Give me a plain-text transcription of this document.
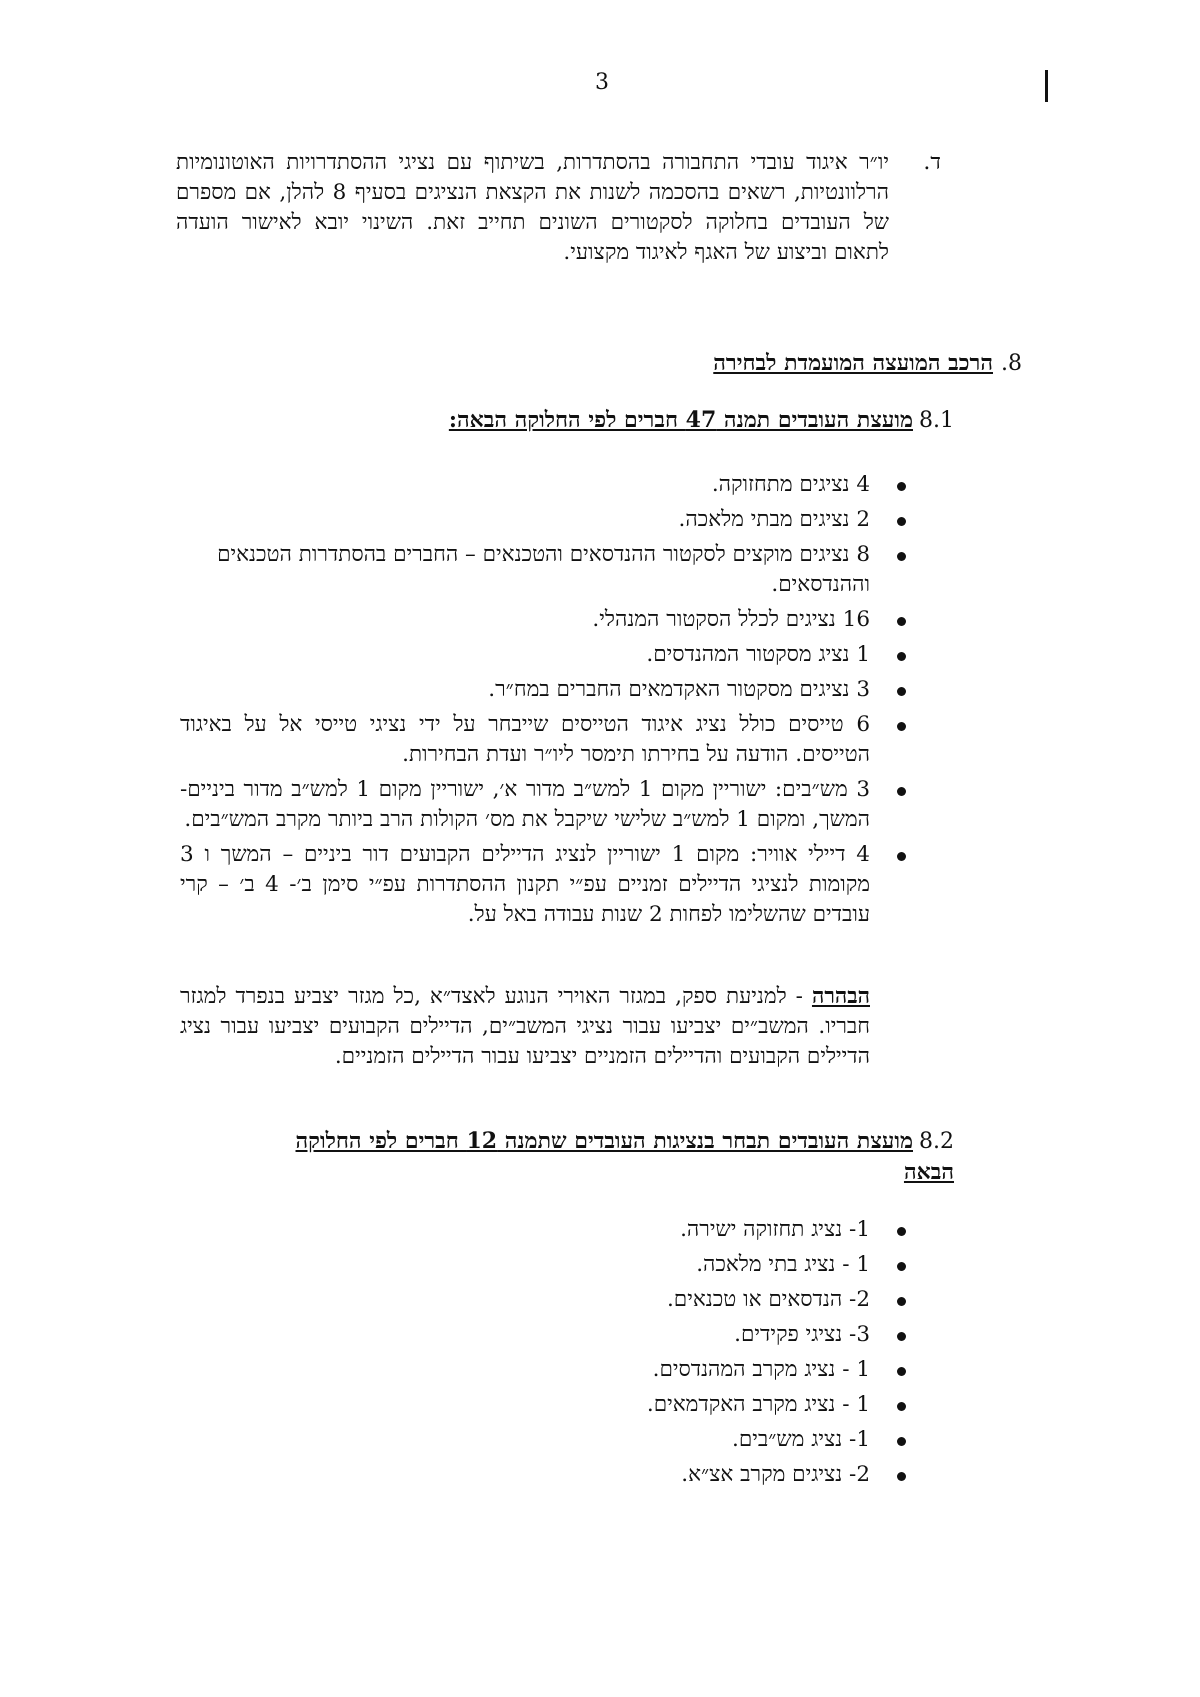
3
ד.
יו״ר איגוד עובדי התחבורה בהסתדרות, בשיתוף עם נציגי ההסתדרויות האוטונומיות הרלוונטיות, רשאים בהסכמה לשנות את הקצאת הנציגים בסעיף 8 להלן, אם מספרם של העובדים בחלוקה לסקטורים השונים תחייב זאת. השינוי יובא לאישור הועדה לתאום וביצוע של האגף לאיגוד מקצועי.
8.הרכב המועצה המועמדת לבחירה
8.1מועצת העובדים תמנה 47 חברים לפי החלוקה הבאה:
4 נציגים מתחזוקה.
2 נציגים מבתי מלאכה.
8 נציגים מוקצים לסקטור ההנדסאים והטכנאים – החברים בהסתדרות הטכנאים וההנדסאים.
16 נציגים לכלל הסקטור המנהלי.
1 נציג מסקטור המהנדסים.
3 נציגים מסקטור האקדמאים החברים במח״ר.
6 טייסים כולל נציג איגוד הטייסים שייבחר על ידי נציגי טייסי אל על באיגוד הטייסים. הודעה על בחירתו תימסר ליו״ר ועדת הבחירות.
3 מש״בים: ישוריין מקום 1 למש״ב מדור א׳, ישוריין מקום 1 למש״ב מדור ביניים- המשך, ומקום 1 למש״ב שלישי שיקבל את מס׳ הקולות הרב ביותר מקרב המש״בים.
4 דיילי אוויר: מקום 1 ישוריין לנציג הדיילים הקבועים דור ביניים – המשך ו 3 מקומות לנציגי הדיילים זמניים עפ״י תקנון ההסתדרות עפ״י סימן ב׳- 4 ב׳ – קרי עובדים שהשלימו לפחות 2 שנות עבודה באל על.
הבהרה - למניעת ספק, במגזר האוירי הנוגע לאצד״א ,כל מגזר יצביע בנפרד למגזר חבריו. המשב״ים יצביעו עבור נציגי המשב״ים, הדיילים הקבועים יצביעו עבור נציג הדיילים הקבועים והדיילים הזמניים יצביעו עבור הדיילים הזמניים.
8.2מועצת העובדים תבחר בנציגות העובדים שתמנה 12 חברים לפי החלוקה הבאה
1- נציג תחזוקה ישירה.
1 - נציג בתי מלאכה.
2- הנדסאים או טכנאים.
3- נציגי פקידים.
1 - נציג מקרב המהנדסים.
1 - נציג מקרב האקדמאים.
1- נציג מש״בים.
2- נציגים מקרב אצ״א.
